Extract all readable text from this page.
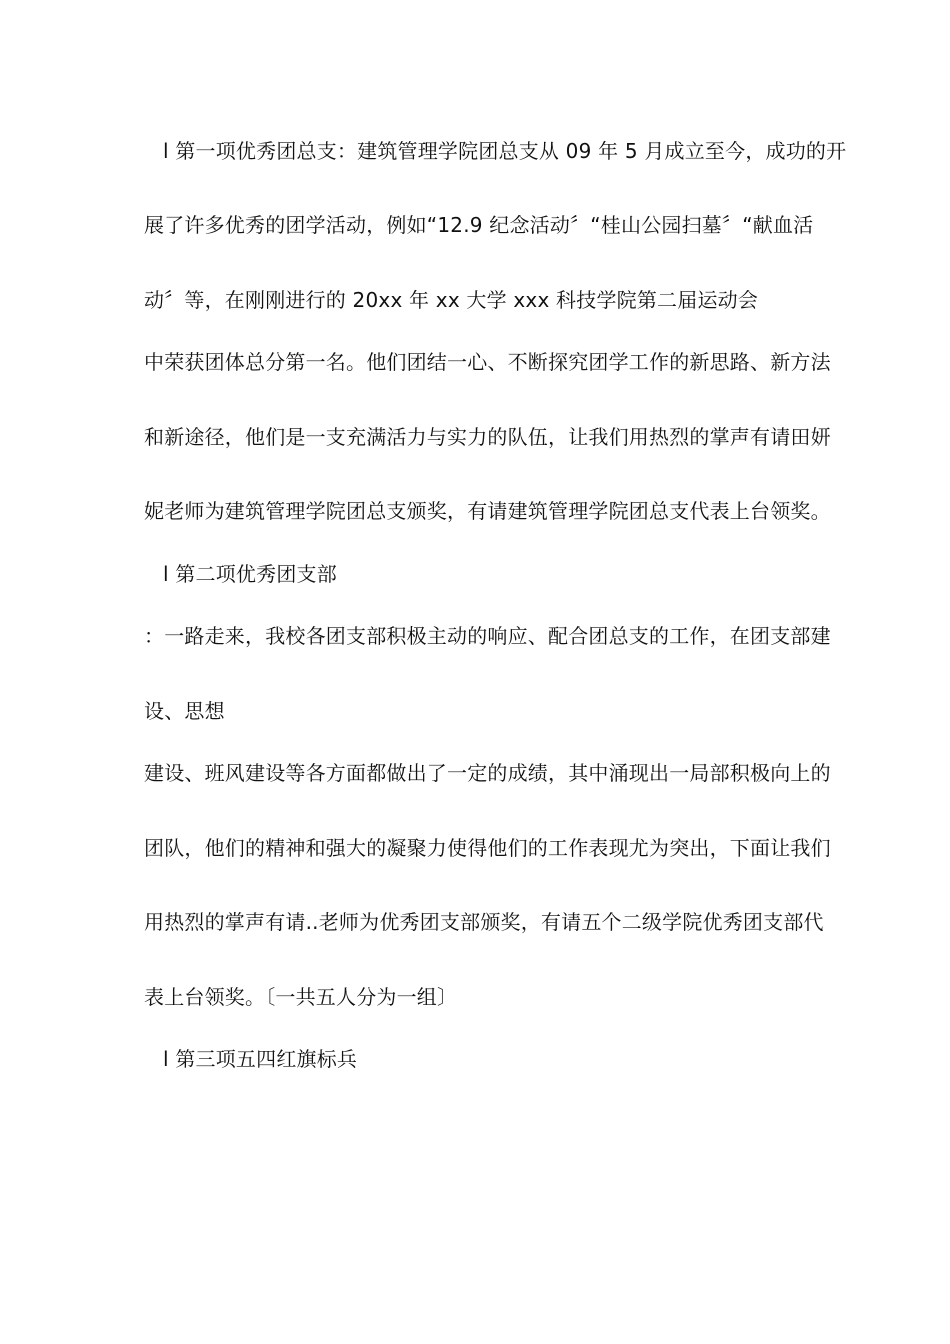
l 第一项优秀团总支：建筑管理学院团总支从 09 年 5 月成立至今，成功的开
展了许多优秀的团学活动，例如“12.9 纪念活动〞“桂山公园扫墓〞“献血活
动〞等，在刚刚进行的 20xx 年 xx 大学 xxx 科技学院第二届运动会
中荣获团体总分第一名。他们团结一心、不断探究团学工作的新思路、新方法
和新途径，他们是一支充满活力与实力的队伍，让我们用热烈的掌声有请田妍
妮老师为建筑管理学院团总支颁奖，有请建筑管理学院团总支代表上台领奖。
l 第二项优秀团支部
：一路走来，我校各团支部积极主动的响应、配合团总支的工作，在团支部建
设、思想
建设、班风建设等各方面都做出了一定的成绩，其中涌现出一局部积极向上的
团队，他们的精神和强大的凝聚力使得他们的工作表现尤为突出，下面让我们
用热烈的掌声有请..老师为优秀团支部颁奖，有请五个二级学院优秀团支部代
表上台领奖。〔一共五人分为一组〕
l 第三项五四红旗标兵
